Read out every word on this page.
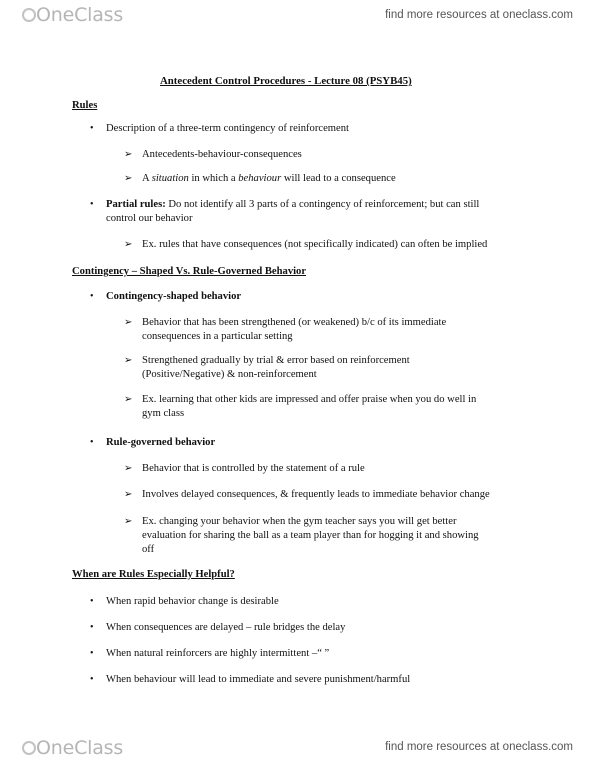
OneClass	find more resources at oneclass.com
Antecedent Control Procedures - Lecture 08 (PSYB45)
Rules
• Description of a three-term contingency of reinforcement
➢ Antecedents-behaviour-consequences
➢ A situation in which a behaviour will lead to a consequence
• Partial rules: Do not identify all 3 parts of a contingency of reinforcement; but can still
control our behavior
➢ Ex. rules that have consequences (not specifically indicated) can often be implied
Contingency – Shaped Vs. Rule-Governed Behavior
• Contingency-shaped behavior
➢ Behavior that has been strengthened (or weakened) b/c of its immediate
consequences in a particular setting
➢ Strengthened gradually by trial & error based on reinforcement
(Positive/Negative) & non-reinforcement
➢ Ex. learning that other kids are impressed and offer praise when you do well in
gym class
• Rule-governed behavior
➢ Behavior that is controlled by the statement of a rule
➢ Involves delayed consequences, & frequently leads to immediate behavior change
➢ Ex. changing your behavior when the gym teacher says you will get better
evaluation for sharing the ball as a team player than for hogging it and showing
off
When are Rules Especially Helpful?
• When rapid behavior change is desirable
• When consequences are delayed – rule bridges the delay
• When natural reinforcers are highly intermittent –“ ”
• When behaviour will lead to immediate and severe punishment/harmful
OneClass	find more resources at oneclass.com
